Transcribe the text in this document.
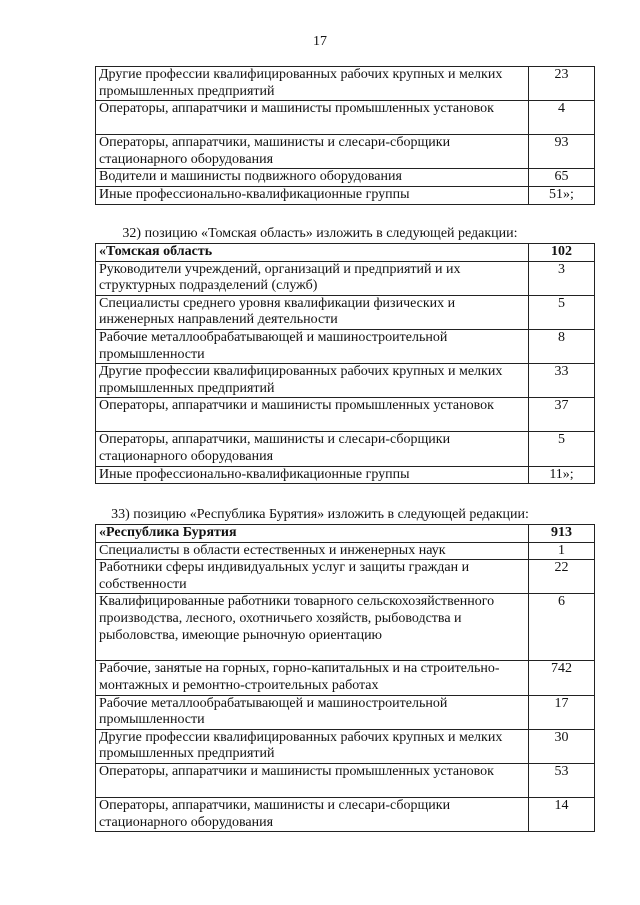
17
Другие профессии квалифицированных рабочих крупных и мелких промышленных предприятий	23
Операторы, аппаратчики и машинисты промышленных установок	4
Операторы, аппаратчики, машинисты и слесари-сборщики стационарного оборудования	93
Водители и машинисты подвижного оборудования	65
Иные профессионально-квалификационные группы	51»;
32) позицию «Томская область» изложить в следующей редакции:
«Томская область	102
Руководители учреждений, организаций и предприятий и их структурных подразделений (служб)	3
Специалисты среднего уровня квалификации физических и инженерных направлений деятельности	5
Рабочие металлообрабатывающей и машиностроительной промышленности	8
Другие профессии квалифицированных рабочих крупных и мелких промышленных предприятий	33
Операторы, аппаратчики и машинисты промышленных установок	37
Операторы, аппаратчики, машинисты и слесари-сборщики стационарного оборудования	5
Иные профессионально-квалификационные группы	11»;
33) позицию «Республика Бурятия» изложить в следующей редакции:
«Республика Бурятия	913
Специалисты в области естественных и инженерных наук	1
Работники сферы индивидуальных услуг и защиты граждан и собственности	22
Квалифицированные работники товарного сельскохозяйственного производства, лесного, охотничьего хозяйств, рыбоводства и рыболовства, имеющие рыночную ориентацию	6
Рабочие, занятые на горных, горно-капитальных и на строительно-монтажных и ремонтно-строительных работах	742
Рабочие металлообрабатывающей и машиностроительной промышленности	17
Другие профессии квалифицированных рабочих крупных и мелких промышленных предприятий	30
Операторы, аппаратчики и машинисты промышленных установок	53
Операторы, аппаратчики, машинисты и слесари-сборщики стационарного оборудования	14
